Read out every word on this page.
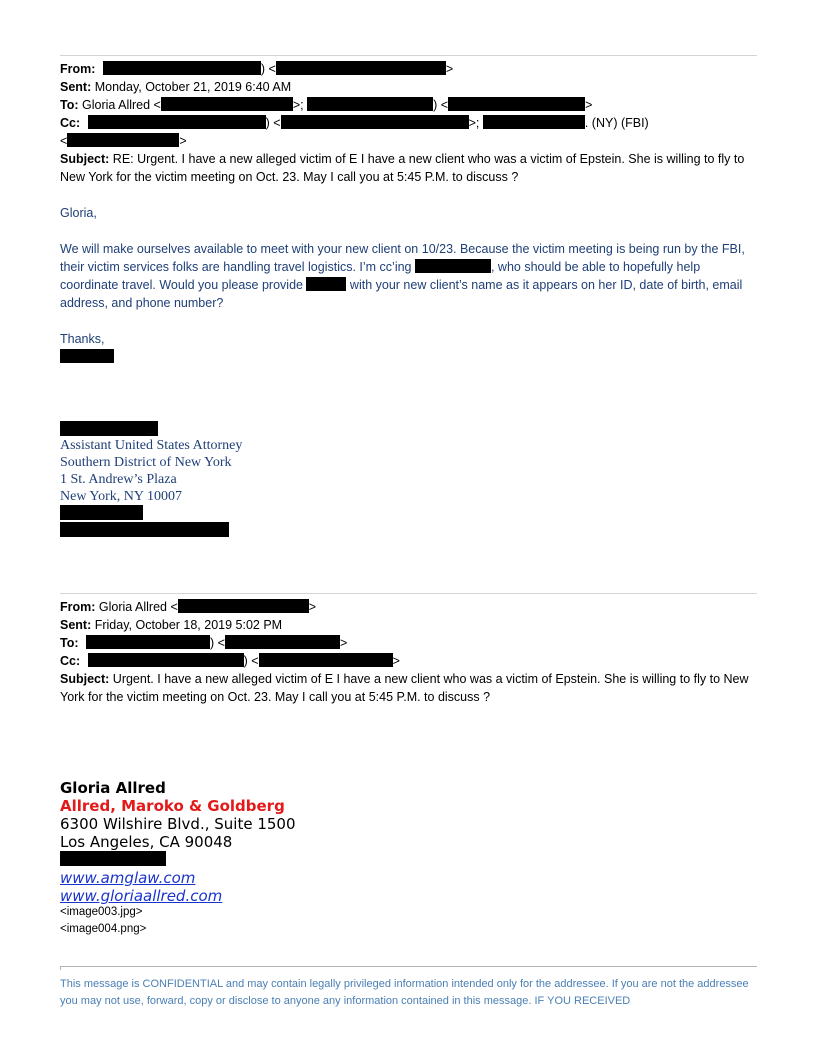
From:	) <	>
Sent: Monday, October 21, 2019 6:40 AM
To: Gloria Allred <	>;	) <	>
Cc:	) <	>;	. (NY) (FBI)
<	>
Subject: RE: Urgent. I have a new alleged victim of E I have a new client who was a victim of Epstein. She is willing to fly to New York for the victim meeting on Oct. 23. May I call you at 5:45 P.M. to discuss ?
Gloria,
We will make ourselves available to meet with your new client on 10/23. Because the victim meeting is being run by the FBI, their victim services folks are handling travel logistics. I’m cc’ing	, who should be able to hopefully help coordinate travel. Would you please provide	with your new client’s name as it appears on her ID, date of birth, email address, and phone number?
Thanks,
Assistant United States Attorney
Southern District of New York
1 St. Andrew’s Plaza
New York, NY 10007
From: Gloria Allred <	>
Sent: Friday, October 18, 2019 5:02 PM
To:	) <	>
Cc:	) <	>
Subject: Urgent. I have a new alleged victim of E I have a new client who was a victim of Epstein. She is willing to fly to New York for the victim meeting on Oct. 23. May I call you at 5:45 P.M. to discuss ?
Gloria Allred
Allred, Maroko & Goldberg
6300 Wilshire Blvd., Suite 1500
Los Angeles, CA 90048
www.amglaw.com
www.gloriaallred.com
<image003.jpg>
<image004.png>
This message is CONFIDENTIAL and may contain legally privileged information intended only for the addressee. If you are not the addressee you may not use, forward, copy or disclose to anyone any information contained in this message. IF YOU RECEIVED
